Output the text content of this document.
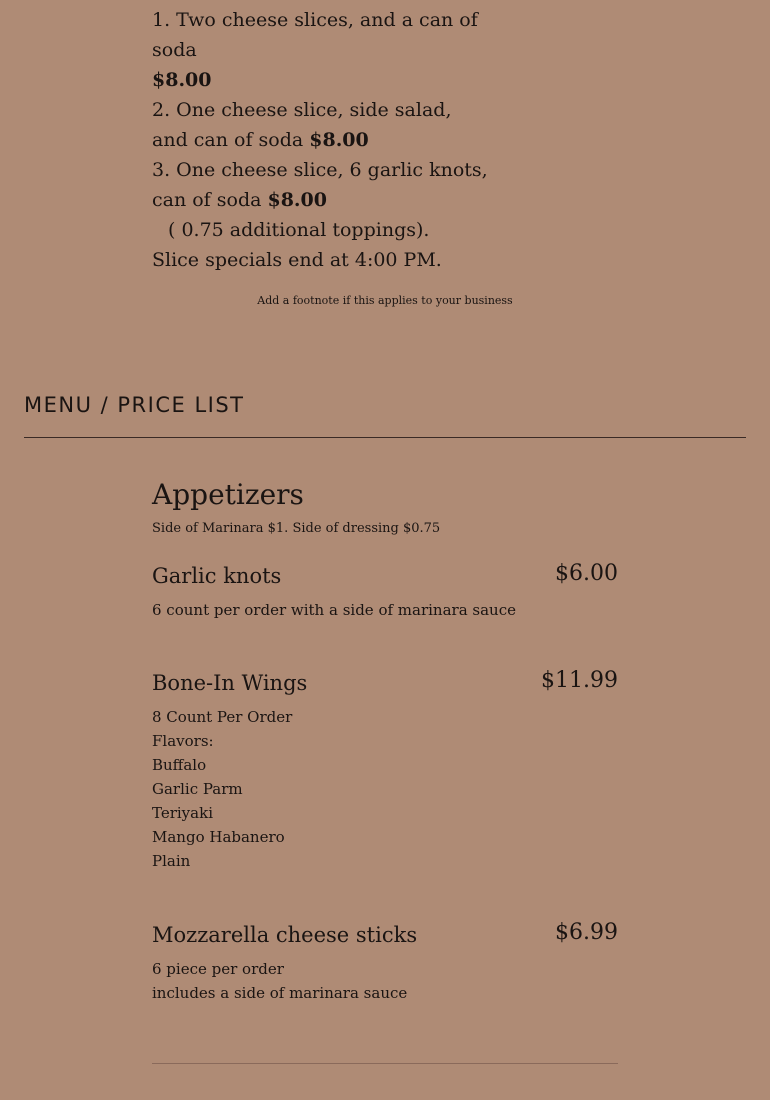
1. Two cheese slices, and a can of soda
$8.00

2. One cheese slice, side salad, and can of soda $8.00

3. One cheese slice, 6 garlic knots, can of soda $8.00

( 0.75 additional toppings).

Slice specials end at 4:00 PM.

Add a footnote if this applies to your business
MENU / PRICE LIST
Appetizers
Side of Marinara $1. Side of dressing $0.75
$6.00
Garlic knots
6 count per order with a side of marinara sauce
$11.99
Bone-In Wings
8 Count Per Order
Flavors:
Buffalo
Garlic Parm
Teriyaki
Mango Habanero
Plain
$6.99
Mozzarella cheese sticks
6 piece per order
includes a side of marinara sauce
